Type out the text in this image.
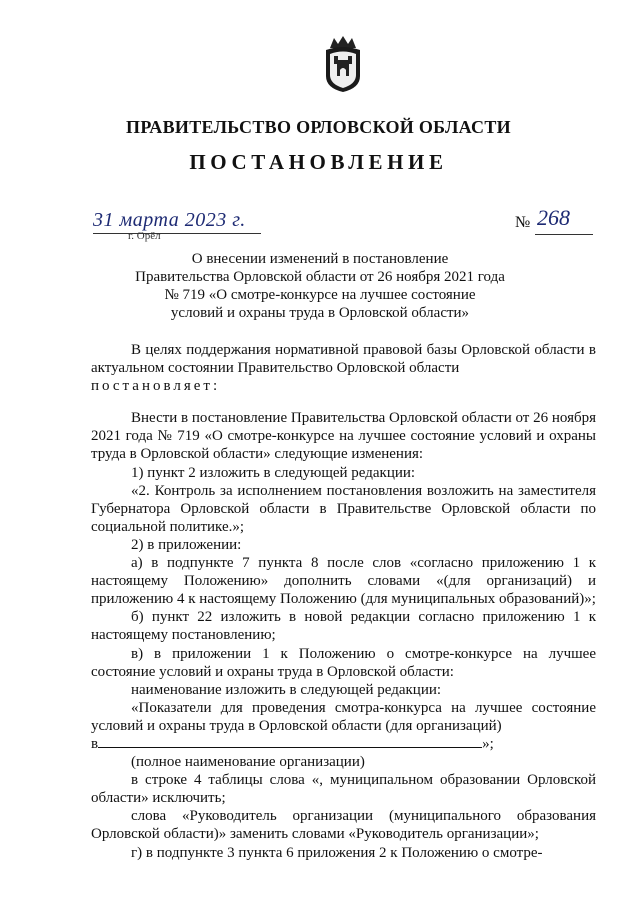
ПРАВИТЕЛЬСТВО ОРЛОВСКОЙ ОБЛАСТИ
ПОСТАНОВЛЕНИЕ
31 марта 2023 г.
г. Орёл
№ 268
О внесении изменений в постановление
Правительства Орловской области от 26 ноября 2021 года
№ 719 «О смотре-конкурсе на лучшее состояние
условий и охраны труда в Орловской области»

В целях поддержания нормативной правовой базы Орловской области в актуальном состоянии Правительство Орловской области

постановляет:

Внести в постановление Правительства Орловской области от 26 ноября 2021 года № 719 «О смотре-конкурсе на лучшее состояние условий и охраны труда в Орловской области» следующие изменения:

1) пункт 2 изложить в следующей редакции:

«2. Контроль за исполнением постановления возложить на заместителя Губернатора Орловской области в Правительстве Орловской области по социальной политике.»;

2) в приложении:

а) в подпункте 7 пункта 8 после слов «согласно приложению 1 к настоящему Положению» дополнить словами «(для организаций) и приложению 4 к настоящему Положению (для муниципальных образований)»;

б) пункт 22 изложить в новой редакции согласно приложению 1 к настоящему постановлению;

в) в приложении 1 к Положению о смотре-конкурсе на лучшее состояние условий и охраны труда в Орловской области:

наименование изложить в следующей редакции:

«Показатели для проведения смотра-конкурса на лучшее состояние условий и охраны труда в Орловской области (для организаций)

в	»;

(полное наименование организации)

в строке 4 таблицы слова «, муниципальном образовании Орловской области» исключить;

слова «Руководитель организации (муниципального образования Орловской области)» заменить словами «Руководитель организации»;

г) в подпункте 3 пункта 6 приложения 2 к Положению о смотре-
